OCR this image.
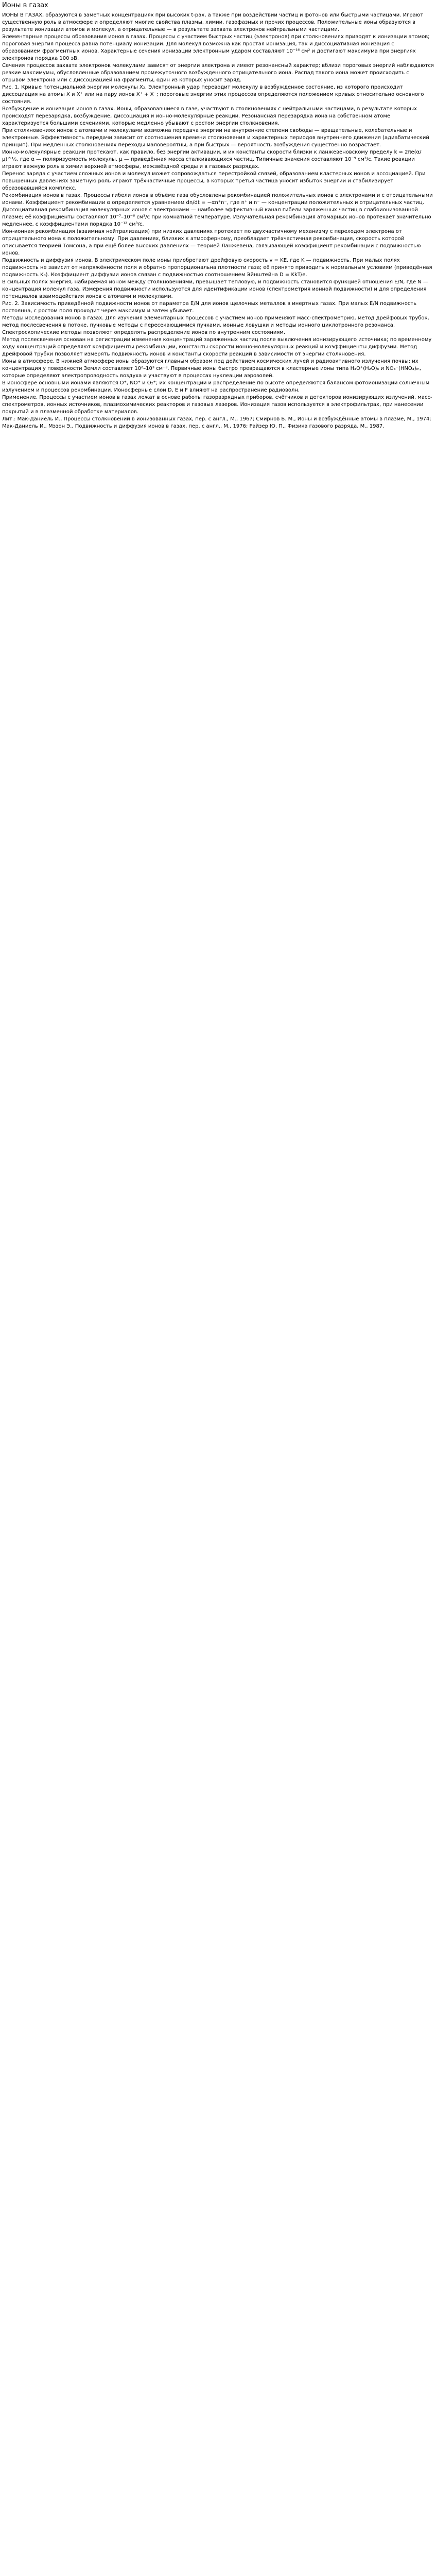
Ионы в газах

ИОНЫ В ГАЗАХ, образуются в заметных концентрациях при высоких t-рах, а также при воздействии частиц и фотонов или быстрыми частицами. Играют существенную роль в атмосфере и определяют многие свойства плазмы, химии, газофазных и прочих процессов. Положительные ионы образуются в результате ионизации атомов и молекул, а отрицательные — в результате захвата электронов нейтральными частицами.

Элементарные процессы образования ионов в газах. Процессы с участием быстрых частиц (электронов) при столкновениях приводят к ионизации атомов; пороговая энергия процесса равна потенциалу ионизации. Для молекул возможна как простая ионизация, так и диссоциативная ионизация с образованием фрагментных ионов. Характерные сечения ионизации электронным ударом составляют 10⁻¹⁶ см² и достигают максимума при энергиях электронов порядка 100 эВ.

Сечения процессов захвата электронов молекулами зависят от энергии электрона и имеют резонансный характер; вблизи пороговых энергий наблюдаются резкие максимумы, обусловленные образованием промежуточного возбужденного отрицательного иона. Распад такого иона может происходить с отрывом электрона или с диссоциацией на фрагменты, один из которых уносит заряд.

Рис. 1. Кривые потенциальной энергии молекулы X₂. Электронный удар переводит молекулу в возбужденное состояние, из которого происходит диссоциация на атомы X и X⁺ или на пару ионов X⁺ + X⁻; пороговые энергии этих процессов определяются положением кривых относительно основного состояния.

Возбуждение и ионизация ионов в газах. Ионы, образовавшиеся в газе, участвуют в столкновениях с нейтральными частицами, в результате которых происходят перезарядка, возбуждение, диссоциация и ионно-молекулярные реакции. Резонансная перезарядка иона на собственном атоме характеризуется большими сечениями, которые медленно убывают с ростом энергии столкновения.

При столкновениях ионов с атомами и молекулами возможна передача энергии на внутренние степени свободы — вращательные, колебательные и электронные. Эффективность передачи зависит от соотношения времени столкновения и характерных периодов внутреннего движения (адиабатический принцип). При медленных столкновениях переходы маловероятны, а при быстрых — вероятность возбуждения существенно возрастает.

Ионно-молекулярные реакции протекают, как правило, без энергии активации, и их константы скорости близки к ланжевеновскому пределу k ≈ 2πe(α/μ)^½, где α — поляризуемость молекулы, μ — приведённая масса сталкивающихся частиц. Типичные значения составляют 10⁻⁹ см³/с. Такие реакции играют важную роль в химии верхней атмосферы, межзвёздной среды и в газовых разрядах.

Перенос заряда с участием сложных ионов и молекул может сопровождаться перестройкой связей, образованием кластерных ионов и ассоциацией. При повышенных давлениях заметную роль играют трёхчастичные процессы, в которых третья частица уносит избыток энергии и стабилизирует образовавшийся комплекс.

Рекомбинация ионов в газах. Процессы гибели ионов в объёме газа обусловлены рекомбинацией положительных ионов с электронами и с отрицательными ионами. Коэффициент рекомбинации α определяется уравнением dn/dt = −αn⁺n⁻, где n⁺ и n⁻ — концентрации положительных и отрицательных частиц.

Диссоциативная рекомбинация молекулярных ионов с электронами — наиболее эффективный канал гибели заряженных частиц в слабоионизованной плазме; её коэффициенты составляют 10⁻⁷–10⁻⁶ см³/с при комнатной температуре. Излучательная рекомбинация атомарных ионов протекает значительно медленнее, с коэффициентами порядка 10⁻¹² см³/с.

Ион-ионная рекомбинация (взаимная нейтрализация) при низких давлениях протекает по двухчастичному механизму с переходом электрона от отрицательного иона к положительному. При давлениях, близких к атмосферному, преобладает трёхчастичная рекомбинация, скорость которой описывается теорией Томсона, а при ещё более высоких давлениях — теорией Ланжевена, связывающей коэффициент рекомбинации с подвижностью ионов.

Подвижность и диффузия ионов. В электрическом поле ионы приобретают дрейфовую скорость v = KE, где K — подвижность. При малых полях подвижность не зависит от напряжённости поля и обратно пропорциональна плотности газа; её принято приводить к нормальным условиям (приведённая подвижность K₀). Коэффициент диффузии ионов связан с подвижностью соотношением Эйнштейна D = KkT/e.

В сильных полях энергия, набираемая ионом между столкновениями, превышает тепловую, и подвижность становится функцией отношения E/N, где N — концентрация молекул газа. Измерения подвижности используются для идентификации ионов (спектрометрия ионной подвижности) и для определения потенциалов взаимодействия ионов с атомами и молекулами.

Рис. 2. Зависимость приведённой подвижности ионов от параметра E/N для ионов щелочных металлов в инертных газах. При малых E/N подвижность постоянна, с ростом поля проходит через максимум и затем убывает.

Методы исследования ионов в газах. Для изучения элементарных процессов с участием ионов применяют масс-спектрометрию, метод дрейфовых трубок, метод послесвечения в потоке, пучковые методы с пересекающимися пучками, ионные ловушки и методы ионного циклотронного резонанса. Спектроскопические методы позволяют определять распределение ионов по внутренним состояниям.

Метод послесвечения основан на регистрации изменения концентраций заряженных частиц после выключения ионизирующего источника; по временному ходу концентраций определяют коэффициенты рекомбинации, константы скорости ионно-молекулярных реакций и коэффициенты диффузии. Метод дрейфовой трубки позволяет измерять подвижность ионов и константы скорости реакций в зависимости от энергии столкновения.

Ионы в атмосфере. В нижней атмосфере ионы образуются главным образом под действием космических лучей и радиоактивного излучения почвы; их концентрация у поверхности Земли составляет 10²–10³ см⁻³. Первичные ионы быстро превращаются в кластерные ионы типа H₃O⁺(H₂O)ₙ и NO₃⁻(HNO₃)ₘ, которые определяют электропроводность воздуха и участвуют в процессах нуклеации аэрозолей.

В ионосфере основными ионами являются O⁺, NO⁺ и O₂⁺; их концентрации и распределение по высоте определяются балансом фотоионизации солнечным излучением и процессов рекомбинации. Ионосферные слои D, E и F влияют на распространение радиоволн.

Применение. Процессы с участием ионов в газах лежат в основе работы газоразрядных приборов, счётчиков и детекторов ионизирующих излучений, масс-спектрометров, ионных источников, плазмохимических реакторов и газовых лазеров. Ионизация газов используется в электрофильтрах, при нанесении покрытий и в плазменной обработке материалов.

Лит.: Мак-Даниель И., Процессы столкновений в ионизованных газах, пер. с англ., М., 1967; Смирнов Б. М., Ионы и возбуждённые атомы в плазме, М., 1974; Мак-Даниель И., Мэзон Э., Подвижность и диффузия ионов в газах, пер. с англ., М., 1976; Райзер Ю. П., Физика газового разряда, М., 1987.
